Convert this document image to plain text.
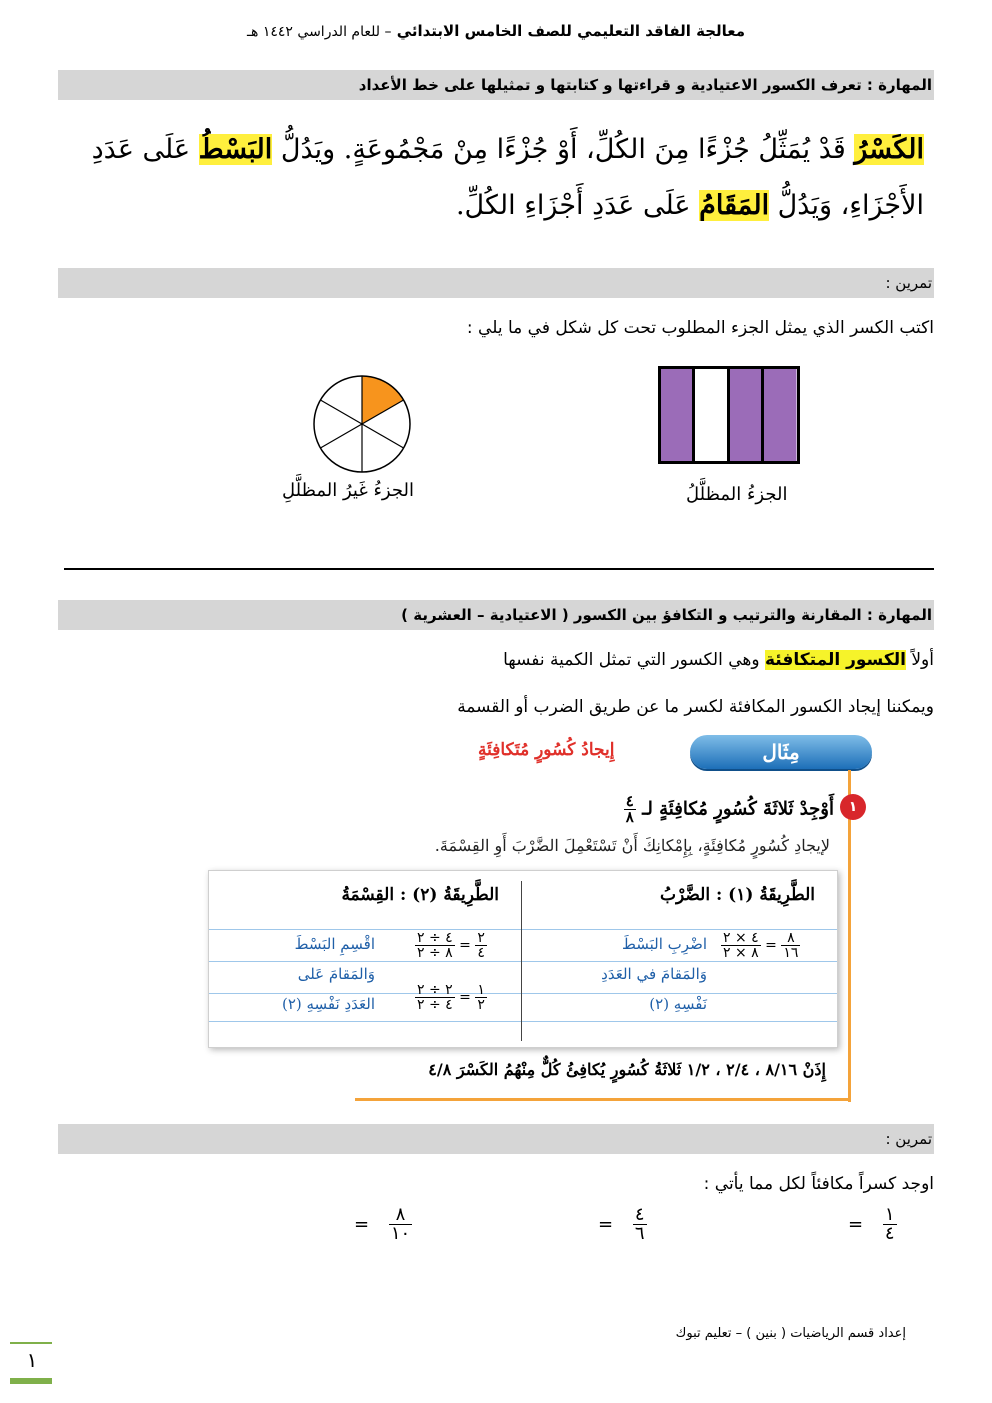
معالجة الفاقد التعليمي للصف الخامس الابتدائي – للعام الدراسي ١٤٤٢ هـ
المهارة : تعرف الكسور الاعتيادية و قراءتها و كتابتها و تمثيلها على خط الأعداد
الكَسْرُ قَدْ يُمَثِّلُ جُزْءًا مِنَ الكُلِّ، أَوْ جُزْءًا مِنْ مَجْمُوعَةٍ. ويَدُلُّ البَسْطُ عَلَى عَدَدِ الأَجْزَاءِ، وَيَدُلُّ المَقَامُ عَلَى عَدَدِ أَجْزَاءِ الكُلِّ.
تمرين :
اكتب الكسر الذي يمثل الجزء المطلوب تحت كل شكل في ما يلي :
الجزءُ المظلَّلُ
الجزءُ غَيرُ المظلَّلِ
المهارة : المقارنة والترتيب و التكافؤ بين الكسور ( الاعتيادية – العشرية )
أولاً الكسور المتكافئة وهي الكسور التي تمثل الكمية نفسها
ويمكننا إيجاد الكسور المكافئة لكسر ما عن طريق الضرب أو القسمة
مِثَال
إِيجادُ كُسُورٍ مُتَكافِئَةٍ
١
أَوْجِدْ ثَلاثَةَ كُسُورٍ مُكافِئَةٍ لـ
$\frac{٤}{٨}$
لإيجادِ كُسُورٍ مُكافِئَةٍ، بِإِمْكانِكَ أَنْ تَسْتَعْمِلَ الضَّرْبَ أَوِ القِسْمَةَ.
الطَّرِيقَةُ (١) : الضَّرْبُ
الطَّرِيقَةُ (٢) : القِسْمَةُ
$\frac{٨}{١٦}$
=
$\frac{٤ \times ٢}{٨ \times ٢}$
اضْرِبِ البَسْطَ
وَالمَقامَ في العَدَدِ
نَفْسِهِ (٢)
$\frac{٢}{٤}$
=
$\frac{٤ \div ٢}{٨ \div ٢}$
$\frac{١}{٢}$
=
$\frac{٢ \div ٢}{٤ \div ٢}$
اقْسِمِ البَسْطَ
وَالمَقامَ عَلى
العَدَدِ نَفْسِهِ (٢)
إِذَنْ ٨/١٦ ، ٢/٤ ، ١/٢ ثَلاثَةُ كُسُورٍ يُكافِئُ كُلٌّ مِنْهُمُ الكَسْرَ ٤/٨
تمرين :
اوجد كسراً مكافئاً لكل مما يأتي :
$\frac{١}{٤}$
=
$\frac{٤}{٦}$
=
$\frac{٨}{١٠}$
=
إعداد قسم الرياضيات ( بنين ) – تعليم تبوك
١
